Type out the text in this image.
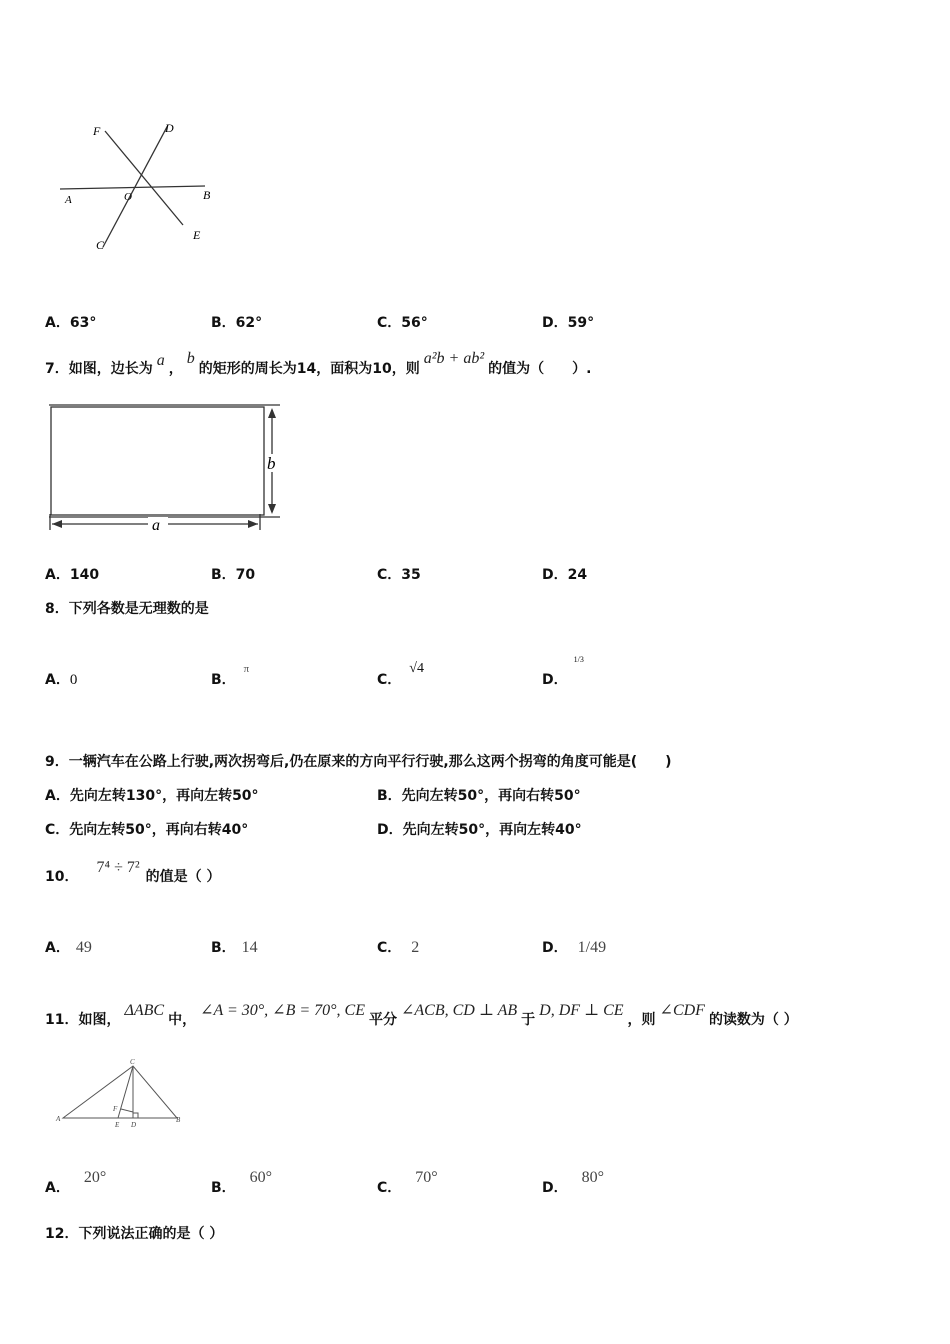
F	D
A	O	B
C
E
A．63°	B．62°	C．56°	D．59°
7．如图，边长为 a ，b的矩形的周长为14，面积为10，则a²b + ab²的值为（　　）.
a
b
A．140	B．70	C．35	D．24
8．下列各数是无理数的是
A．0	B．$^\pi$
C．√4
D．$^{1/3}$
9．一辆汽车在公路上行驶,两次拐弯后,仍在原来的方向平行行驶,那么这两个拐弯的角度可能是(　　)
A．先向左转130°，再向左转50°	B．先向左转50°，再向右转50°
C．先向左转50°，再向右转40°	D．先向左转50°，再向左转40°
10．7⁴ ÷ 7²的值是（ ）
A． 49	B． 14	C． 2	D． 1/49
11．如图，ΔABC中，∠A = 30°, ∠B = 70°, CE平分∠ACB, CD ⊥ AB于D, DF ⊥ CE，则∠CDF的读数为（ ）
C
A
F
E D
B
A．20°
B．60°
C．70°
D．80°
12．下列说法正确的是（ ）
